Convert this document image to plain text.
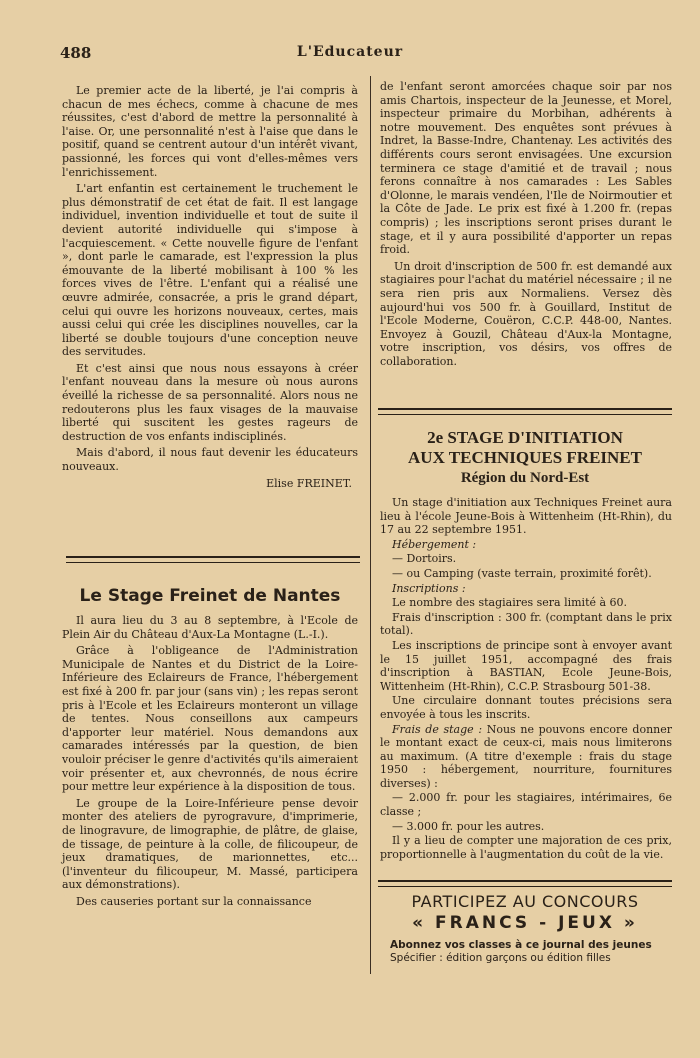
488	L'Educateur

Le premier acte de la liberté, je l'ai compris à chacun de mes échecs, comme à chacune de mes réussites, c'est d'abord de mettre la personnalité à l'aise. Or, une personnalité n'est à l'aise que dans le positif, quand se centrent autour d'un intérêt vivant, passionné, les forces qui vont d'elles-mêmes vers l'enrichissement.

L'art enfantin est certainement le truchement le plus démonstratif de cet état de fait. Il est langage individuel, invention individuelle et tout de suite il devient autorité individuelle qui s'impose à l'acquiescement. « Cette nouvelle figure de l'enfant », dont parle le camarade, est l'expression la plus émouvante de la liberté mobilisant à 100 % les forces vives de l'être. L'enfant qui a réalisé une œuvre admirée, consacrée, a pris le grand départ, celui qui ouvre les horizons nouveaux, certes, mais aussi celui qui crée les disciplines nouvelles, car la liberté se double toujours d'une conception neuve des servitudes.

Et c'est ainsi que nous nous essayons à créer l'enfant nouveau dans la mesure où nous aurons éveillé la richesse de sa personnalité. Alors nous ne redouterons plus les faux visages de la mauvaise liberté qui suscitent les gestes rageurs de destruction de vos enfants indisciplinés.

Mais d'abord, il nous faut devenir les éducateurs nouveaux.

Elise FREINET.
Le Stage Freinet de Nantes

Il aura lieu du 3 au 8 septembre, à l'Ecole de Plein Air du Château d'Aux-La Montagne (L.-I.).

Grâce à l'obligeance de l'Administration Municipale de Nantes et du District de la Loire-Inférieure des Eclaireurs de France, l'hébergement est fixé à 200 fr. par jour (sans vin) ; les repas seront pris à l'Ecole et les Eclaireurs monteront un village de tentes. Nous conseillons aux campeurs d'apporter leur matériel. Nous demandons aux camarades intéressés par la question, de bien vouloir préciser le genre d'activités qu'ils aimeraient voir présenter et, aux chevronnés, de nous écrire pour mettre leur expérience à la disposition de tous.

Le groupe de la Loire-Inférieure pense devoir monter des ateliers de pyrogravure, d'imprimerie, de linogravure, de limographie, de plâtre, de glaise, de tissage, de peinture à la colle, de filicoupeur, de jeux dramatiques, de marionnettes, etc... (l'inventeur du filicoupeur, M. Massé, participera aux démonstrations).

Des causeries portant sur la connaissance

de l'enfant seront amorcées chaque soir par nos amis Chartois, inspecteur de la Jeunesse, et Morel, inspecteur primaire du Morbihan, adhérents à notre mouvement. Des enquêtes sont prévues à Indret, la Basse-Indre, Chantenay. Les activités des différents cours seront envisagées. Une excursion terminera ce stage d'amitié et de travail ; nous ferons connaître à nos camarades : Les Sables d'Olonne, le marais vendéen, l'Ile de Noirmoutier et la Côte de Jade. Le prix est fixé à 1.200 fr. (repas compris) ; les inscriptions seront prises durant le stage, et il y aura possibilité d'apporter un repas froid.

Un droit d'inscription de 500 fr. est demandé aux stagiaires pour l'achat du matériel nécessaire ; il ne sera rien pris aux Normaliens. Versez dès aujourd'hui vos 500 fr. à Gouillard, Institut de l'Ecole Moderne, Couëron, C.C.P. 448-00, Nantes. Envoyez à Gouzil, Château d'Aux-la Montagne, votre inscription, vos désirs, vos offres de collaboration.

2e STAGE D'INITIATION
AUX TECHNIQUES FREINET
Région du Nord-Est

Un stage d'initiation aux Techniques Freinet aura lieu à l'école Jeune-Bois à Wittenheim (Ht-Rhin), du 17 au 22 septembre 1951.

Hébergement :

— Dortoirs.

— ou Camping (vaste terrain, proximité forêt).

Inscriptions :

Le nombre des stagiaires sera limité à 60.

Frais d'inscription : 300 fr. (comptant dans le prix total).

Les inscriptions de principe sont à envoyer avant le 15 juillet 1951, accompagné des frais d'inscription à BASTIAN, Ecole Jeune-Bois, Wittenheim (Ht-Rhin), C.C.P. Strasbourg 501-38.

Une circulaire donnant toutes précisions sera envoyée à tous les inscrits.

Frais de stage : Nous ne pouvons encore donner le montant exact de ceux-ci, mais nous limiterons au maximum. (A titre d'exemple : frais du stage 1950 : hébergement, nourriture, fournitures diverses) :

— 2.000 fr. pour les stagiaires, intérimaires, 6e classe ;

— 3.000 fr. pour les autres.

Il y a lieu de compter une majoration de ces prix, proportionnelle à l'augmentation du coût de la vie.

PARTICIPEZ AU CONCOURS
« FRANCS - JEUX »
Abonnez vos classes à ce journal des jeunes
Spécifier : édition garçons ou édition filles
